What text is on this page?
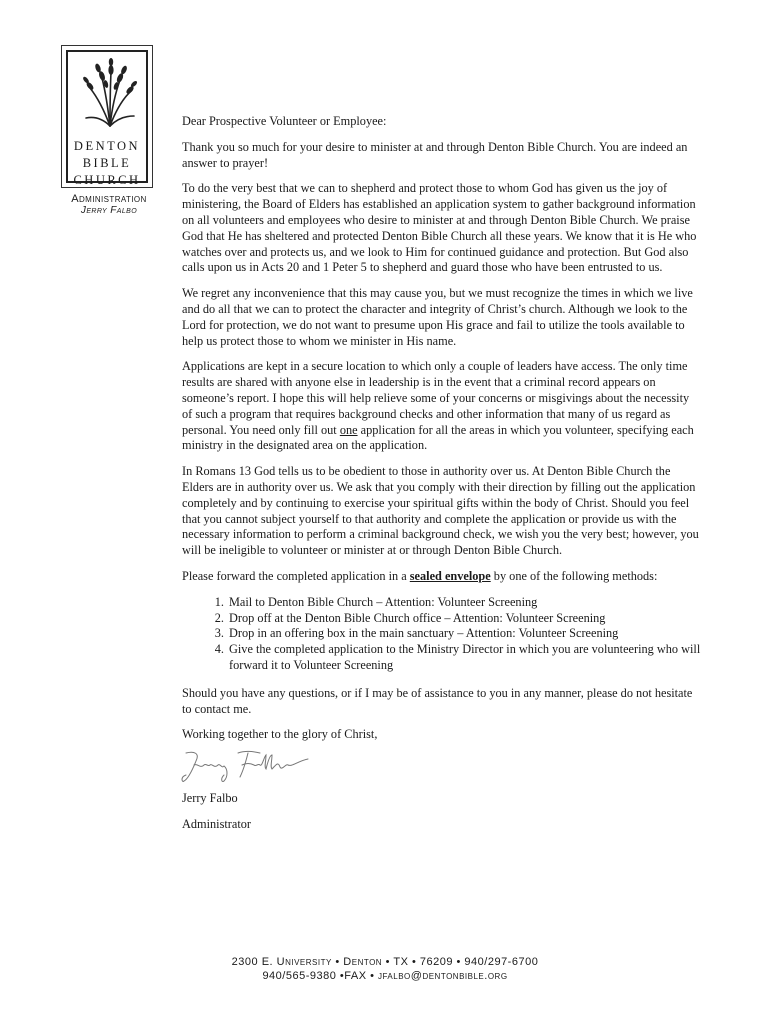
DENTON
BIBLE
CHURCH
Administration
Jerry Falbo

Dear Prospective Volunteer or Employee:

Thank you so much for your desire to minister at and through Denton Bible Church. You are indeed an answer to prayer!

To do the very best that we can to shepherd and protect those to whom God has given us the joy of ministering, the Board of Elders has established an application system to gather background information on all volunteers and employees who desire to minister at and through Denton Bible Church. We praise God that He has sheltered and protected Denton Bible Church all these years. We know that it is He who watches over and protects us, and we look to Him for continued guidance and protection. But God also calls upon us in Acts 20 and 1 Peter 5 to shepherd and guard those who have been entrusted to us.

We regret any inconvenience that this may cause you, but we must recognize the times in which we live and do all that we can to protect the character and integrity of Christ’s church. Although we look to the Lord for protection, we do not want to presume upon His grace and fail to utilize the tools available to help us protect those to whom we minister in His name.

Applications are kept in a secure location to which only a couple of leaders have access. The only time results are shared with anyone else in leadership is in the event that a criminal record appears on someone’s report. I hope this will help relieve some of your concerns or misgivings about the necessity of such a program that requires background checks and other information that many of us regard as personal. You need only fill out one application for all the areas in which you volunteer, specifying each ministry in the designated area on the application.

In Romans 13 God tells us to be obedient to those in authority over us. At Denton Bible Church the Elders are in authority over us. We ask that you comply with their direction by filling out the application completely and by continuing to exercise your spiritual gifts within the body of Christ. Should you feel that you cannot subject yourself to that authority and complete the application or provide us with the necessary information to perform a criminal background check, we wish you the very best; however, you will be ineligible to volunteer or minister at or through Denton Bible Church.

Please forward the completed application in a sealed envelope by one of the following methods:

1. Mail to Denton Bible Church – Attention: Volunteer Screening
2. Drop off at the Denton Bible Church office – Attention: Volunteer Screening
3. Drop in an offering box in the main sanctuary – Attention: Volunteer Screening
4. Give the completed application to the Ministry Director in which you are volunteering who will forward it to Volunteer Screening

Should you have any questions, or if I may be of assistance to you in any manner, please do not hesitate to contact me.

Working together to the glory of Christ,

Jerry Falbo

Administrator

2300 E. University • Denton • TX • 76209 • 940/297-6700
940/565-9380 •FAX • jfalbo@dentonbible.org
